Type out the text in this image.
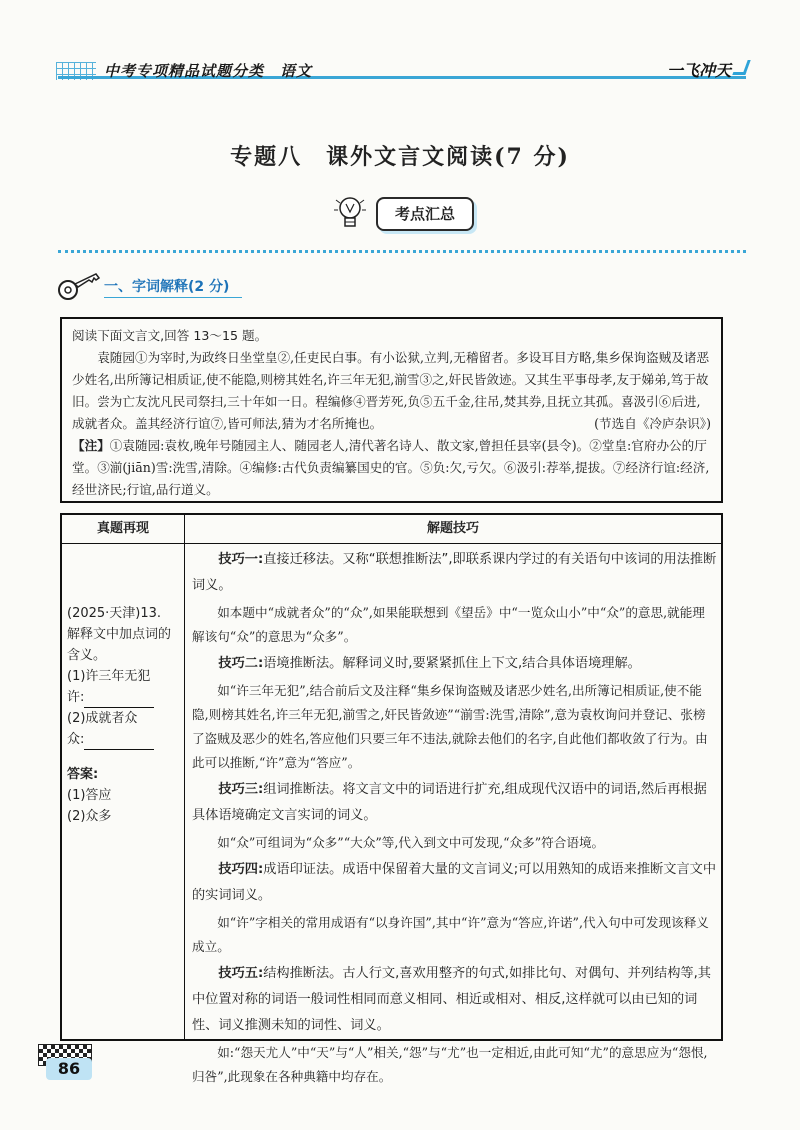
中考专项精品试题分类　语文	一飞冲天
专题八　课外文言文阅读(7 分)
考点汇总
一、字词解释(2 分)

阅读下面文言文,回答 13～15 题。

袁随园①为宰时,为政终日坐堂皇②,任吏民白事。有小讼狱,立判,无稽留者。多设耳目方略,集乡保询盗贼及诸恶少姓名,出所簿记相质证,使不能隐,则榜其姓名,许三年无犯,湔雪③之,奸民皆敛迹。又其生平事母孝,友于娣弟,笃于故旧。尝为亡友沈凡民司祭扫,三十年如一日。程编修④晋芳死,负⑤五千金,往吊,焚其券,且抚立其孤。喜汲引⑥后进,成就者众。盖其经济行谊⑦,皆可师法,猜为才名所掩也。	(节选自《冷庐杂识》)

【注】①袁随园:袁枚,晚年号随园主人、随园老人,清代著名诗人、散文家,曾担任县宰(县令)。②堂皇:官府办公的厅堂。③湔(jiān)雪:洗雪,清除。④编修:古代负责编纂国史的官。⑤负:欠,亏欠。⑥汲引:荐举,提拔。⑦经济行谊:经济,经世济民;行谊,品行道义。

真题再现	解题技巧
(2025·天津)13.
解释文中加点词的含义。
(1)许三年无犯
许:
(2)成就者众
众:
答案:
(1)答应
(2)众多

技巧一:直接迁移法。又称“联想推断法”,即联系课内学过的有关语句中该词的用法推断词义。

如本题中“成就者众”的“众”,如果能联想到《望岳》中“一览众山小”中“众”的意思,就能理解该句“众”的意思为“众多”。

技巧二:语境推断法。解释词义时,要紧紧抓住上下文,结合具体语境理解。

如“许三年无犯”,结合前后文及注释“集乡保询盗贼及诸恶少姓名,出所簿记相质证,使不能隐,则榜其姓名,许三年无犯,湔雪之,奸民皆敛迹”“湔雪:洗雪,清除”,意为袁枚询问并登记、张榜了盗贼及恶少的姓名,答应他们只要三年不违法,就除去他们的名字,自此他们都收敛了行为。由此可以推断,“许”意为“答应”。

技巧三:组词推断法。将文言文中的词语进行扩充,组成现代汉语中的词语,然后再根据具体语境确定文言实词的词义。

如“众”可组词为“众多”“大众”等,代入到文中可发现,“众多”符合语境。

技巧四:成语印证法。成语中保留着大量的文言词义;可以用熟知的成语来推断文言文中的实词词义。

如“许”字相关的常用成语有“以身许国”,其中“许”意为“答应,许诺”,代入句中可发现该释义成立。

技巧五:结构推断法。古人行文,喜欢用整齐的句式,如排比句、对偶句、并列结构等,其中位置对称的词语一般词性相同而意义相同、相近或相对、相反,这样就可以由已知的词性、词义推测未知的词性、词义。

如:“怨天尤人”中“天”与“人”相关,“怨”与“尤”也一定相近,由此可知“尤”的意思应为“怨恨,归咎”,此现象在各种典籍中均存在。

86
